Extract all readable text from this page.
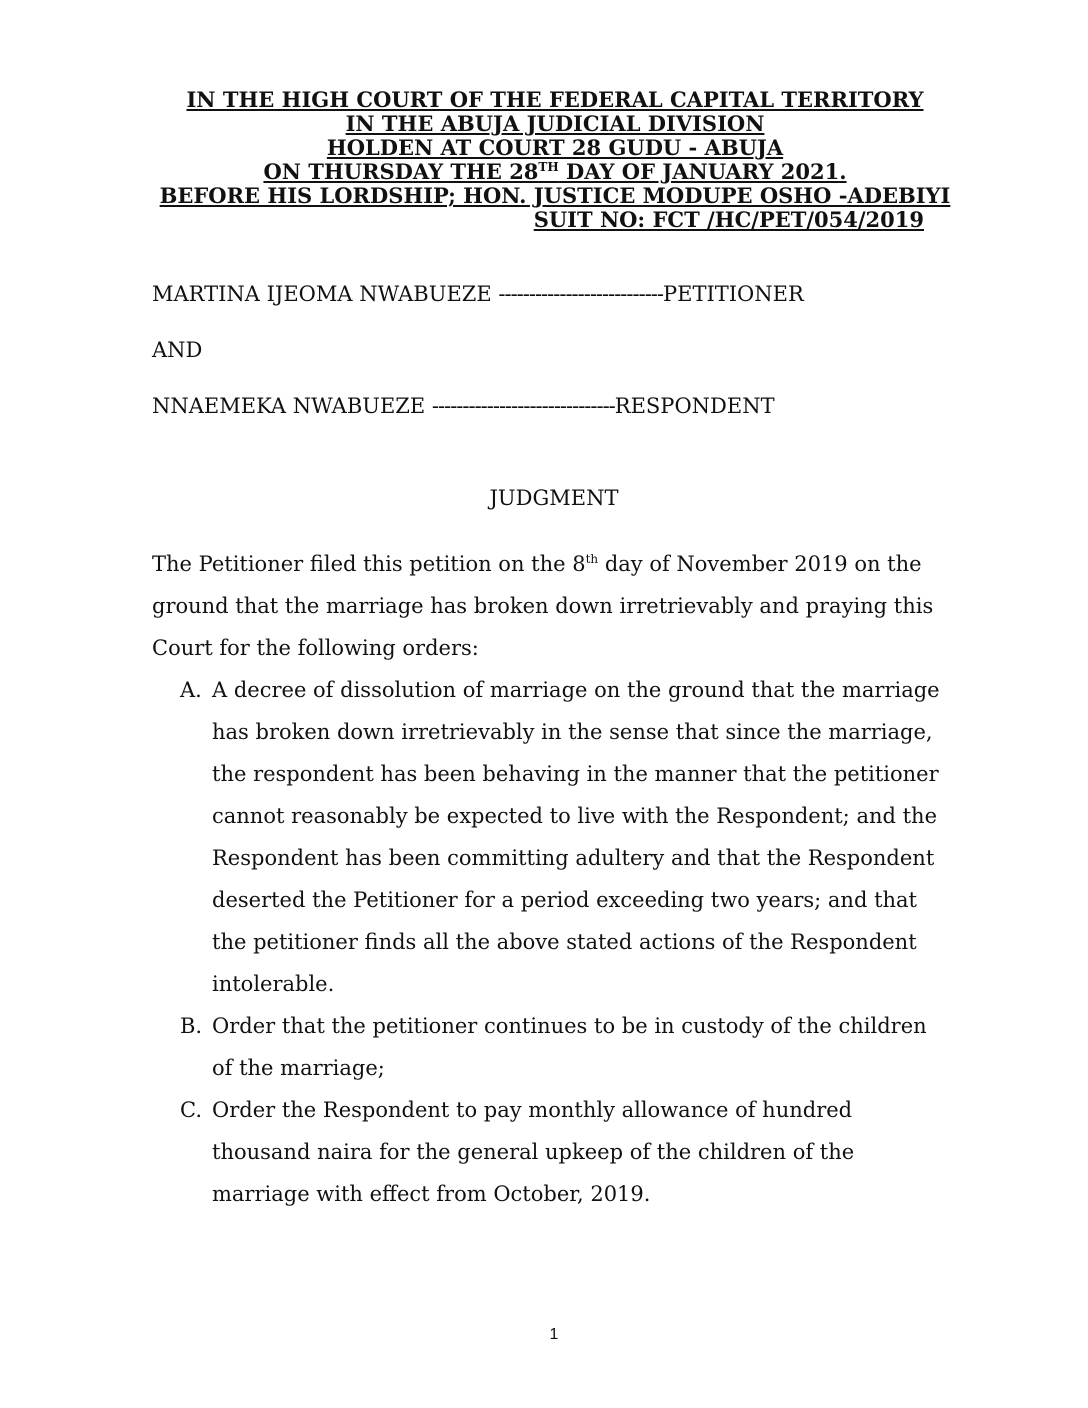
IN THE HIGH COURT OF THE FEDERAL CAPITAL TERRITORY
IN THE ABUJA JUDICIAL DIVISION
HOLDEN AT COURT 28 GUDU - ABUJA
ON THURSDAY THE 28TH DAY OF JANUARY 2021.
BEFORE HIS LORDSHIP; HON. JUSTICE MODUPE OSHO -ADEBIYI
SUIT NO: FCT /HC/PET/054/2019
MARTINA IJEOMA NWABUEZE ---------------------------PETITIONER
AND
NNAEMEKA NWABUEZE ------------------------------RESPONDENT
JUDGMENT

The Petitioner filed this petition on the 8th day of November 2019 on the ground that the marriage has broken down irretrievably and praying this Court for the following orders:

A. A decree of dissolution of marriage on the ground that the marriage has broken down irretrievably in the sense that since the marriage, the respondent has been behaving in the manner that the petitioner cannot reasonably be expected to live with the Respondent; and the Respondent has been committing adultery and that the Respondent deserted the Petitioner for a period exceeding two years; and that the petitioner finds all the above stated actions of the Respondent intolerable.
B. Order that the petitioner continues to be in custody of the children of the marriage;
C. Order the Respondent to pay monthly allowance of hundred thousand naira for the general upkeep of the children of the marriage with effect from October, 2019.
1
